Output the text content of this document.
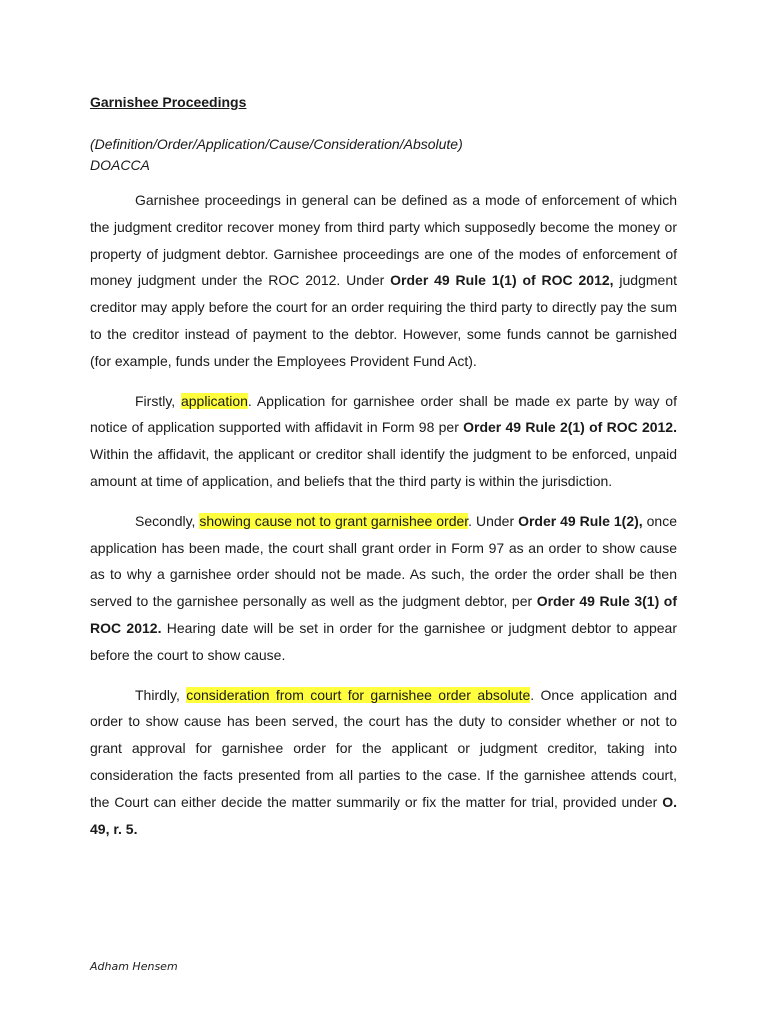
Garnishee Proceedings
(Definition/Order/Application/Cause/Consideration/Absolute)
DOACCA

Garnishee proceedings in general can be defined as a mode of enforcement of which the judgment creditor recover money from third party which supposedly become the money or property of judgment debtor. Garnishee proceedings are one of the modes of enforcement of money judgment under the ROC 2012. Under Order 49 Rule 1(1) of ROC 2012, judgment creditor may apply before the court for an order requiring the third party to directly pay the sum to the creditor instead of payment to the debtor. However, some funds cannot be garnished (for example, funds under the Employees Provident Fund Act).

Firstly, application. Application for garnishee order shall be made ex parte by way of notice of application supported with affidavit in Form 98 per Order 49 Rule 2(1) of ROC 2012. Within the affidavit, the applicant or creditor shall identify the judgment to be enforced, unpaid amount at time of application, and beliefs that the third party is within the jurisdiction.

Secondly, showing cause not to grant garnishee order. Under Order 49 Rule 1(2), once application has been made, the court shall grant order in Form 97 as an order to show cause as to why a garnishee order should not be made. As such, the order the order shall be then served to the garnishee personally as well as the judgment debtor, per Order 49 Rule 3(1) of ROC 2012. Hearing date will be set in order for the garnishee or judgment debtor to appear before the court to show cause.

Thirdly, consideration from court for garnishee order absolute. Once application and order to show cause has been served, the court has the duty to consider whether or not to grant approval for garnishee order for the applicant or judgment creditor, taking into consideration the facts presented from all parties to the case. If the garnishee attends court, the Court can either decide the matter summarily or fix the matter for trial, provided under O. 49, r. 5.

Adham Hensem
